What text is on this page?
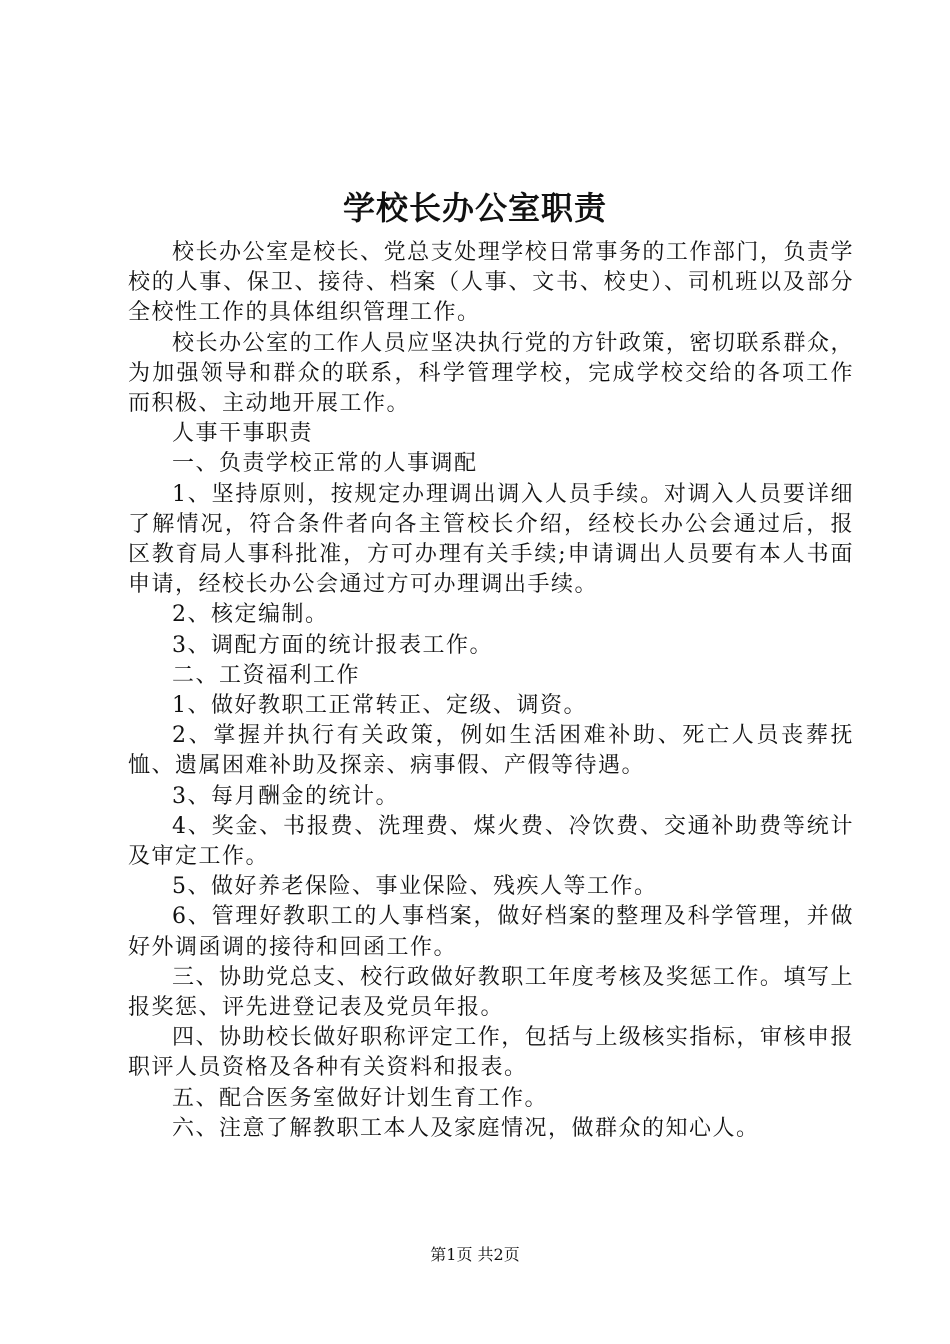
学校长办公室职责

校长办公室是校长、党总支处理学校日常事务的工作部门，负责学校的人事、保卫、接待、档案（人事、文书、校史）、司机班以及部分全校性工作的具体组织管理工作。

校长办公室的工作人员应坚决执行党的方针政策，密切联系群众，为加强领导和群众的联系，科学管理学校，完成学校交给的各项工作而积极、主动地开展工作。

人事干事职责

一、负责学校正常的人事调配

1、坚持原则，按规定办理调出调入人员手续。对调入人员要详细了解情况，符合条件者向各主管校长介绍，经校长办公会通过后，报区教育局人事科批准，方可办理有关手续;申请调出人员要有本人书面申请，经校长办公会通过方可办理调出手续。

2、核定编制。

3、调配方面的统计报表工作。

二、工资福利工作

1、做好教职工正常转正、定级、调资。

2、掌握并执行有关政策，例如生活困难补助、死亡人员丧葬抚恤、遗属困难补助及探亲、病事假、产假等待遇。

3、每月酬金的统计。

4、奖金、书报费、洗理费、煤火费、冷饮费、交通补助费等统计及审定工作。

5、做好养老保险、事业保险、残疾人等工作。

6、管理好教职工的人事档案，做好档案的整理及科学管理，并做好外调函调的接待和回函工作。

三、协助党总支、校行政做好教职工年度考核及奖惩工作。填写上报奖惩、评先进登记表及党员年报。

四、协助校长做好职称评定工作，包括与上级核实指标，审核申报职评人员资格及各种有关资料和报表。

五、配合医务室做好计划生育工作。

六、注意了解教职工本人及家庭情况，做群众的知心人。

第1页 共2页
